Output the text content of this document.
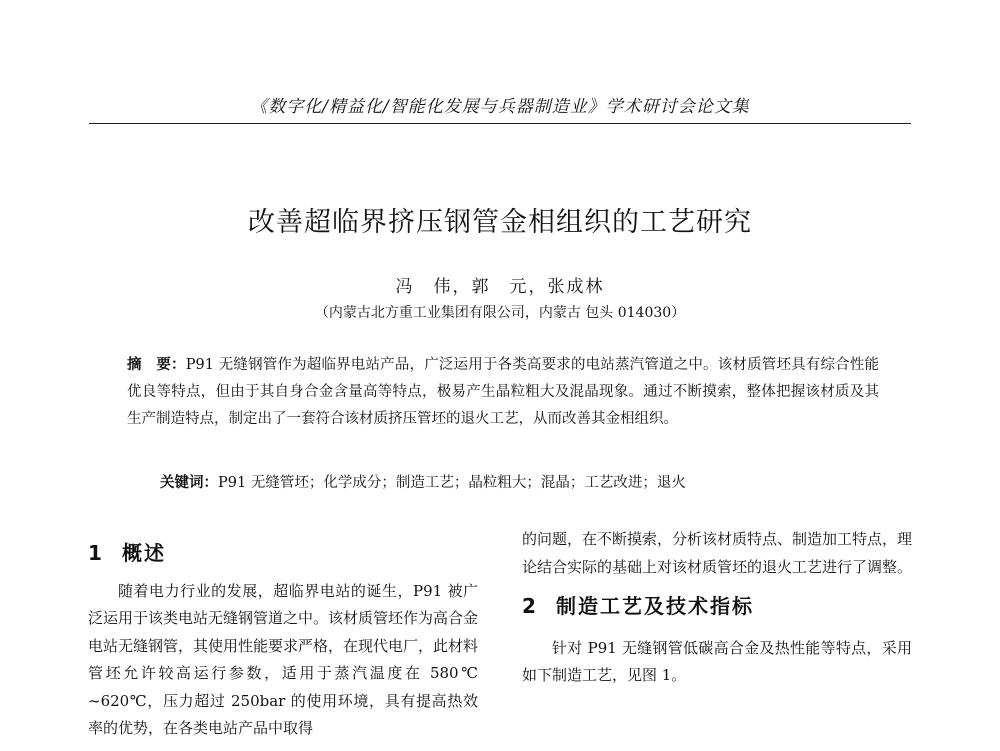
《数字化/精益化/智能化发展与兵器制造业》学术研讨会论文集
改善超临界挤压钢管金相组织的工艺研究
冯　伟，郭　元，张成林
（内蒙古北方重工业集团有限公司，内蒙古 包头 014030）
摘　要：P91 无缝钢管作为超临界电站产品，广泛运用于各类高要求的电站蒸汽管道之中。该材质管坯具有综合性能优良等特点，但由于其自身合金含量高等特点，极易产生晶粒粗大及混晶现象。通过不断摸索，整体把握该材质及其生产制造特点，制定出了一套符合该材质挤压管坯的退火工艺，从而改善其金相组织。
关键词：P91 无缝管坯；化学成分；制造工艺；晶粒粗大；混晶；工艺改进；退火
1 概述

随着电力行业的发展，超临界电站的诞生，P91 被广泛运用于该类电站无缝钢管道之中。该材质管坯作为高合金电站无缝钢管，其使用性能要求严格，在现代电厂，此材料管坯允许较高运行参数，适用于蒸汽温度在 580℃ ~620℃，压力超过 250bar 的使用环境，具有提高热效率的优势，在各类电站产品中取得

的问题，在不断摸索，分析该材质特点、制造加工特点，理论结合实际的基础上对该材质管坯的退火工艺进行了调整。

2 制造工艺及技术指标

针对 P91 无缝钢管低碳高合金及热性能等特点，采用如下制造工艺，见图 1。
